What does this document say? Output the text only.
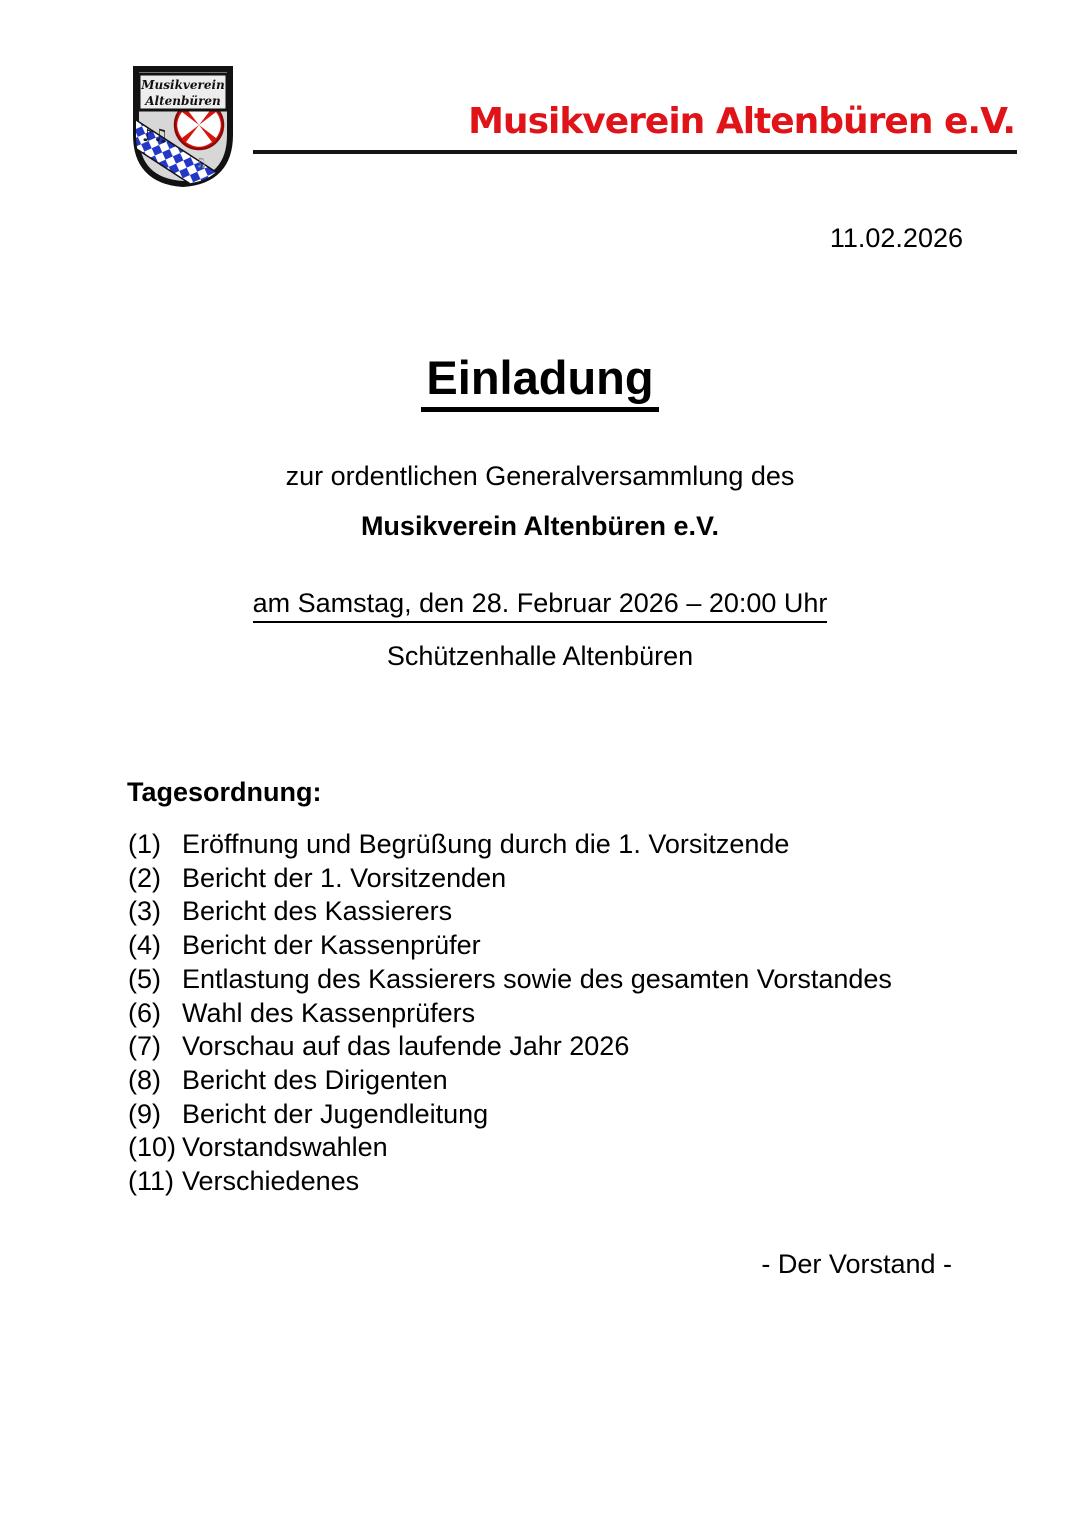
♪♫
♫
Musikverein
Altenbüren	Musikverein Altenbüren e.V.
11.02.2026
Einladung
zur ordentlichen Generalversammlung des
Musikverein Altenbüren e.V.
am Samstag, den 28. Februar 2026 – 20:00 Uhr
Schützenhalle Altenbüren
Tagesordnung:
(1) Eröffnung und Begrüßung durch die 1. Vorsitzende
(2) Bericht der 1. Vorsitzenden
(3) Bericht des Kassierers
(4) Bericht der Kassenprüfer
(5) Entlastung des Kassierers sowie des gesamten Vorstandes
(6) Wahl des Kassenprüfers
(7) Vorschau auf das laufende Jahr 2026
(8) Bericht des Dirigenten
(9) Bericht der Jugendleitung
(10) Vorstandswahlen
(11) Verschiedenes
- Der Vorstand -
